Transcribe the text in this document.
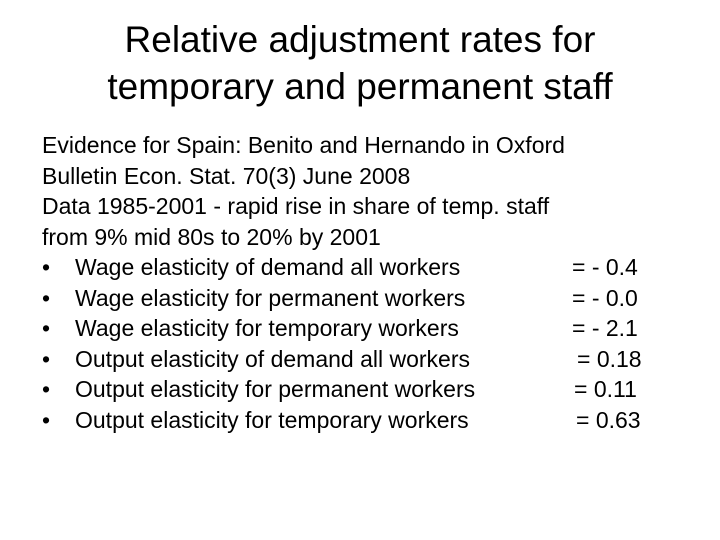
Relative adjustment rates for
temporary and permanent staff
Evidence for Spain: Benito and Hernando in Oxford
Bulletin Econ. Stat. 70(3) June 2008
Data 1985-2001 - rapid rise in share of temp. staff
from 9% mid 80s to 20% by 2001
• Wage elasticity of demand all workers	= - 0.4
• Wage elasticity for permanent workers	= - 0.0
• Wage elasticity for temporary workers	= - 2.1
• Output elasticity of demand all workers	= 0.18
• Output elasticity for permanent workers	= 0.11
• Output elasticity for temporary workers	= 0.63
